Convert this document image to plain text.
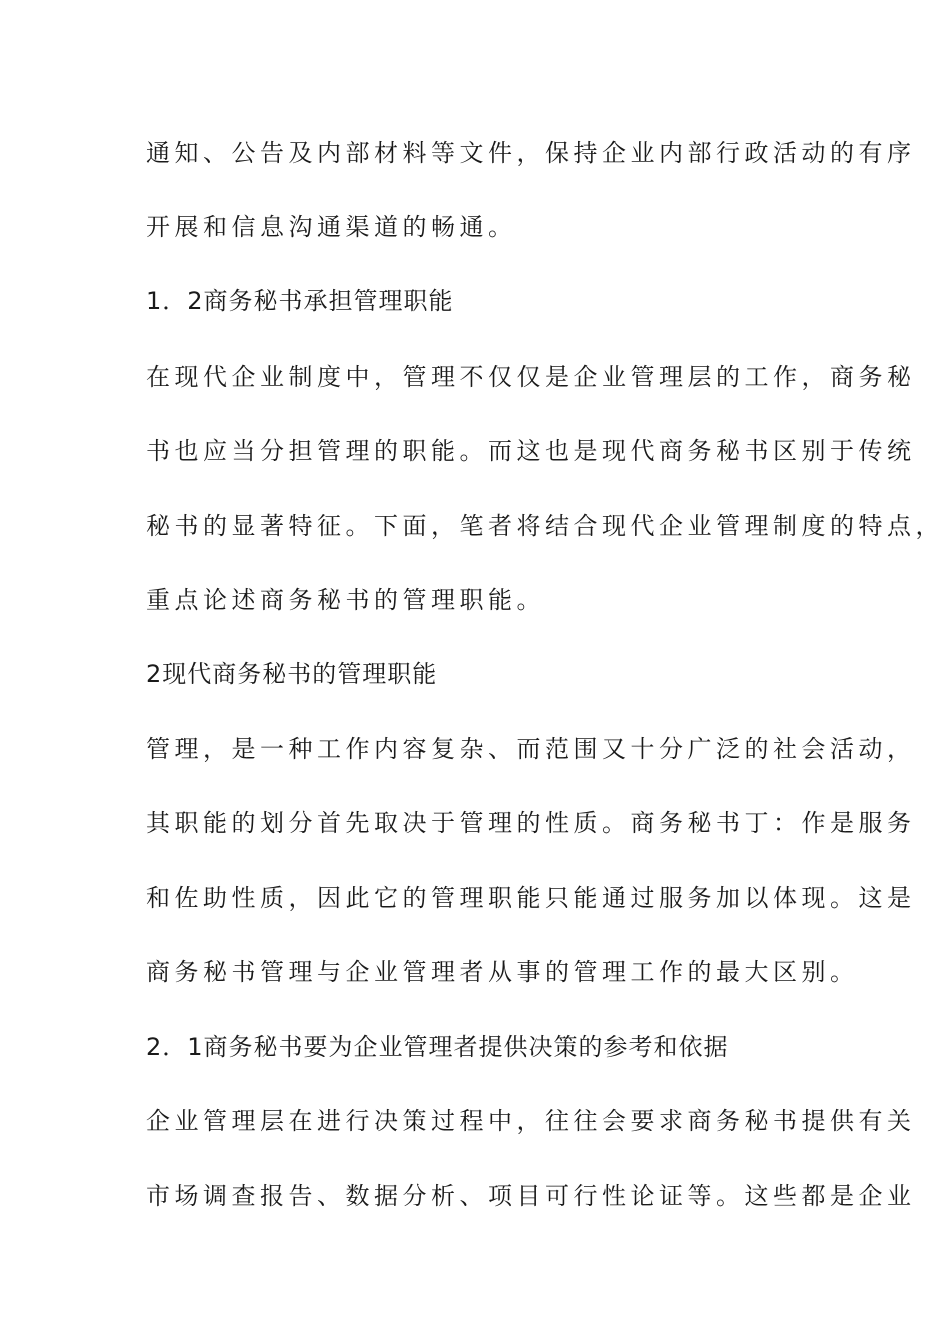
通知、公告及内部材料等文件，保持企业内部行政活动的有序
开展和信息沟通渠道的畅通。
1．2商务秘书承担管理职能
在现代企业制度中，管理不仅仅是企业管理层的工作，商务秘
书也应当分担管理的职能。而这也是现代商务秘书区别于传统
秘书的显著特征。下面，笔者将结合现代企业管理制度的特点，
重点论述商务秘书的管理职能。
2现代商务秘书的管理职能
管理，是一种工作内容复杂、而范围又十分广泛的社会活动，
其职能的划分首先取决于管理的性质。商务秘书丁：作是服务
和佐助性质，因此它的管理职能只能通过服务加以体现。这是
商务秘书管理与企业管理者从事的管理工作的最大区别。
2．1商务秘书要为企业管理者提供决策的参考和依据
企业管理层在进行决策过程中，往往会要求商务秘书提供有关
市场调查报告、数据分析、项目可行性论证等。这些都是企业
